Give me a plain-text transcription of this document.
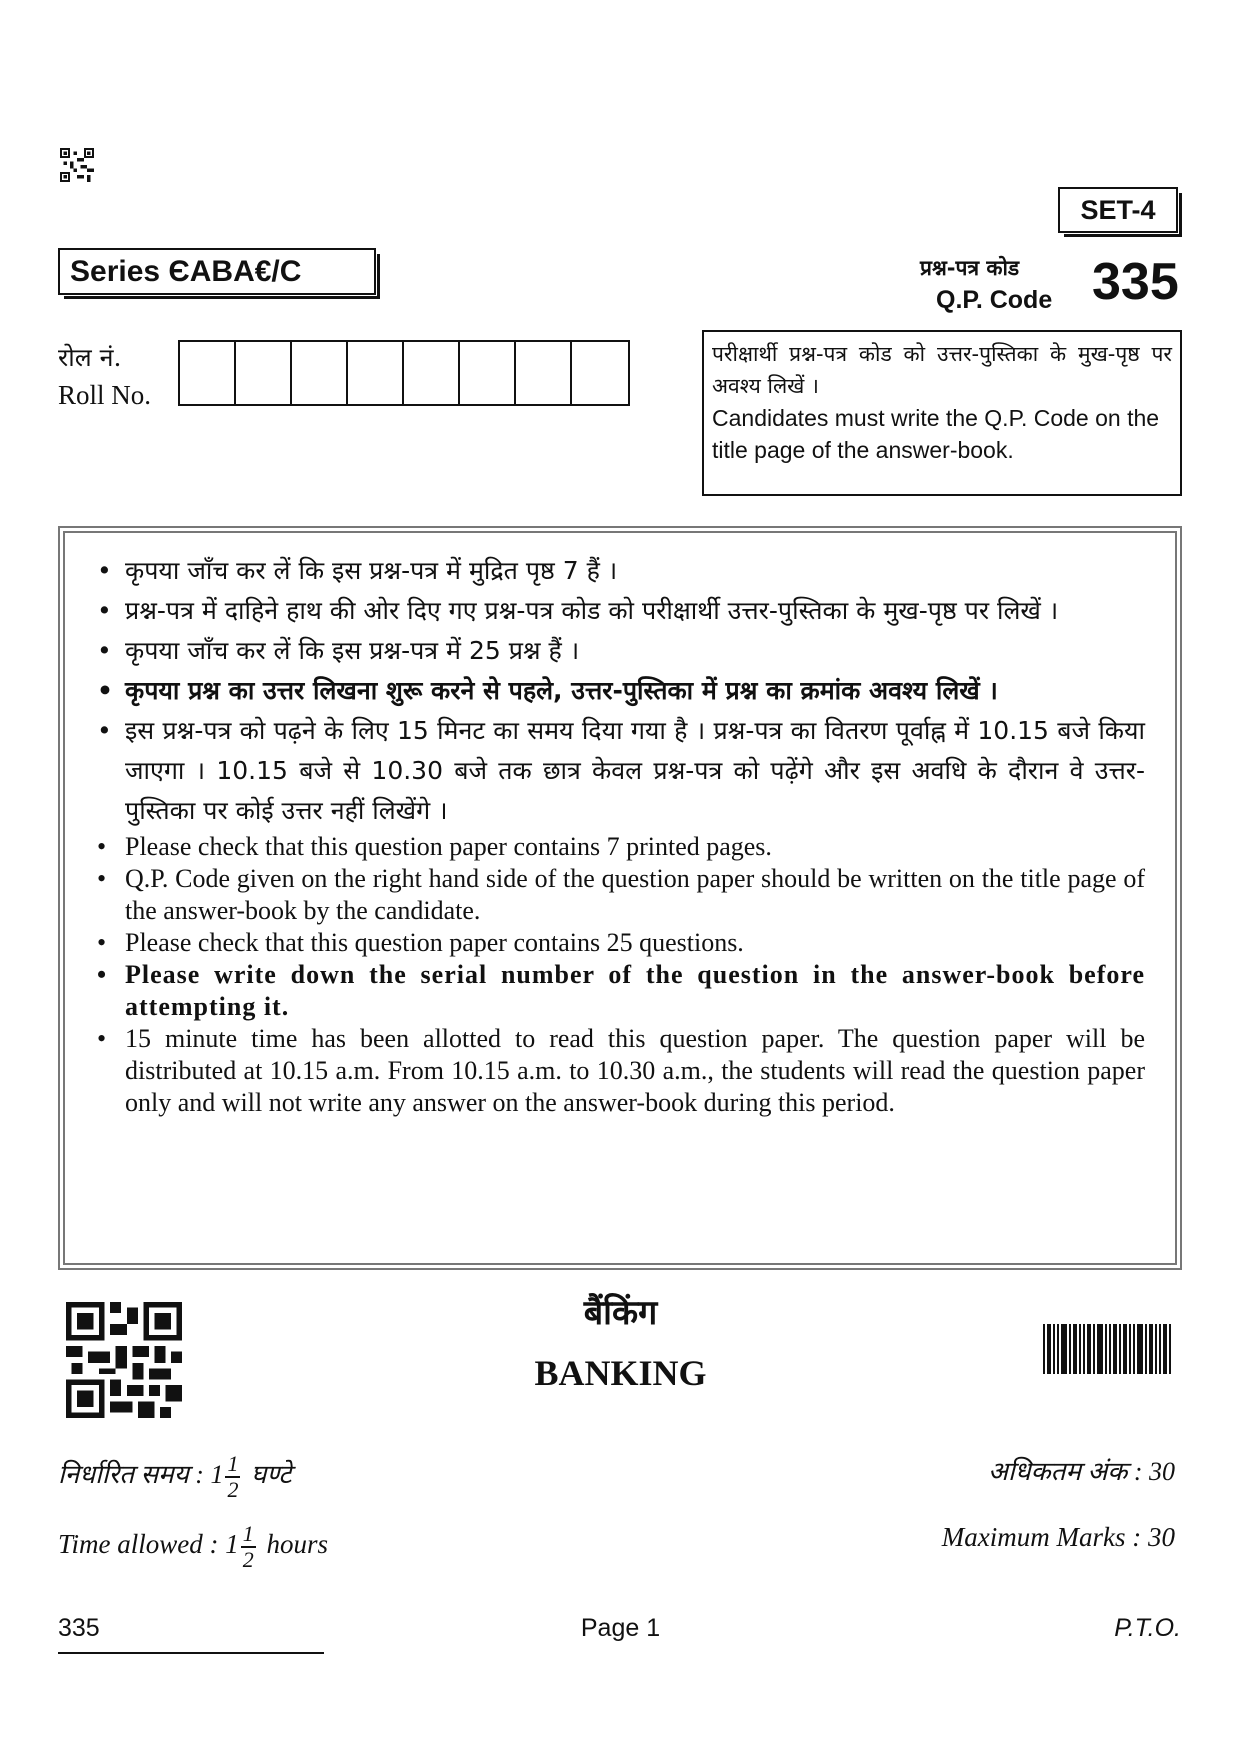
SET-4
Series ЄABA€/C	प्रश्न-पत्र कोड
Q.P. Code 335
रोल नं.
Roll No.
परीक्षार्थी प्रश्न-पत्र कोड को उत्तर-पुस्तिका के मुख-पृष्ठ पर अवश्य लिखें ।
Candidates must write the Q.P. Code on the title page of the answer-book.
• कृपया जाँच कर लें कि इस प्रश्न-पत्र में मुद्रित पृष्ठ 7 हैं ।
• प्रश्न-पत्र में दाहिने हाथ की ओर दिए गए प्रश्न-पत्र कोड को परीक्षार्थी उत्तर-पुस्तिका के मुख-पृष्ठ पर लिखें ।
• कृपया जाँच कर लें कि इस प्रश्न-पत्र में 25 प्रश्न हैं ।
• कृपया प्रश्न का उत्तर लिखना शुरू करने से पहले, उत्तर-पुस्तिका में प्रश्न का क्रमांक अवश्य लिखें ।
• इस प्रश्न-पत्र को पढ़ने के लिए 15 मिनट का समय दिया गया है । प्रश्न-पत्र का वितरण पूर्वाह्न में 10.15 बजे किया जाएगा । 10.15 बजे से 10.30 बजे तक छात्र केवल प्रश्न-पत्र को पढ़ेंगे और इस अवधि के दौरान वे उत्तर-पुस्तिका पर कोई उत्तर नहीं लिखेंगे ।
• Please check that this question paper contains 7 printed pages.
• Q.P. Code given on the right hand side of the question paper should be written on the title page of the answer-book by the candidate.
• Please check that this question paper contains 25 questions.
• Please write down the serial number of the question in the answer-book before attempting it.
• 15 minute time has been allotted to read this question paper. The question paper will be distributed at 10.15 a.m. From 10.15 a.m. to 10.30 a.m., the students will read the question paper only and will not write any answer on the answer-book during this period.
बैंकिंग
BANKING
निर्धारित समय : $1 \frac{1}{2}$ घण्टे
Time allowed : $1 \frac{1}{2}$ hours
अधिकतम अंक : 30
Maximum Marks : 30
335	Page 1	P.T.O.
